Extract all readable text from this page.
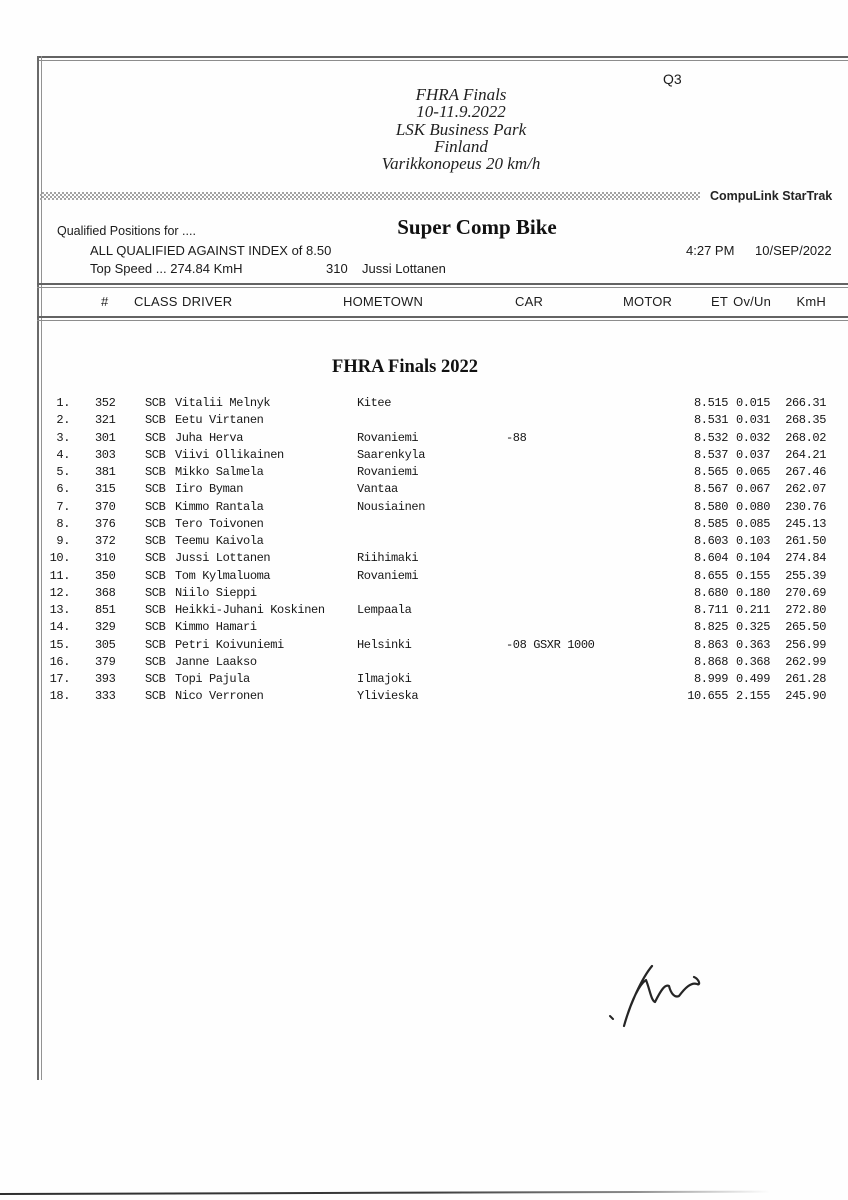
Q3
FHRA Finals
10-11.9.2022
LSK Business Park
Finland
Varikkonopeus 20 km/h
CompuLink StarTrak
Qualified Positions for ....	Super Comp Bike
ALL QUALIFIED AGAINST INDEX of 8.50	4:27 PM 10/SEP/2022
Top Speed ... 274.84 KmH	310 Jussi Lottanen
# CLASS DRIVER	HOMETOWN	CAR	MOTOR	ET Ov/Un	KmH
FHRA Finals 2022
1. 352 SCB Vitalii Melnyk	Kitee	8.515 0.015	266.31
2. 321 SCB Eetu Virtanen	8.531 0.031	268.35
3. 301 SCB Juha Herva	Rovaniemi	-88	8.532 0.032	268.02
4. 303 SCB Viivi Ollikainen	Saarenkyla	8.537 0.037	264.21
5. 381 SCB Mikko Salmela	Rovaniemi	8.565 0.065	267.46
6. 315 SCB Iiro Byman	Vantaa	8.567 0.067	262.07
7. 370 SCB Kimmo Rantala	Nousiainen	8.580 0.080	230.76
8. 376 SCB Tero Toivonen	8.585 0.085	245.13
9. 372 SCB Teemu Kaivola	8.603 0.103	261.50
10. 310 SCB Jussi Lottanen	Riihimaki	8.604 0.104	274.84
11. 350 SCB Tom Kylmaluoma	Rovaniemi	8.655 0.155	255.39
12. 368 SCB Niilo Sieppi	8.680 0.180	270.69
13. 851 SCB Heikki-Juhani Koskinen	Lempaala	8.711 0.211	272.80
14. 329 SCB Kimmo Hamari	8.825 0.325	265.50
15. 305 SCB Petri Koivuniemi	Helsinki	-08 GSXR 1000	8.863 0.363	256.99
16. 379 SCB Janne Laakso	8.868 0.368	262.99
17. 393 SCB Topi Pajula	Ilmajoki	8.999 0.499	261.28
18. 333 SCB Nico Verronen	Ylivieska	10.655 2.155	245.90
